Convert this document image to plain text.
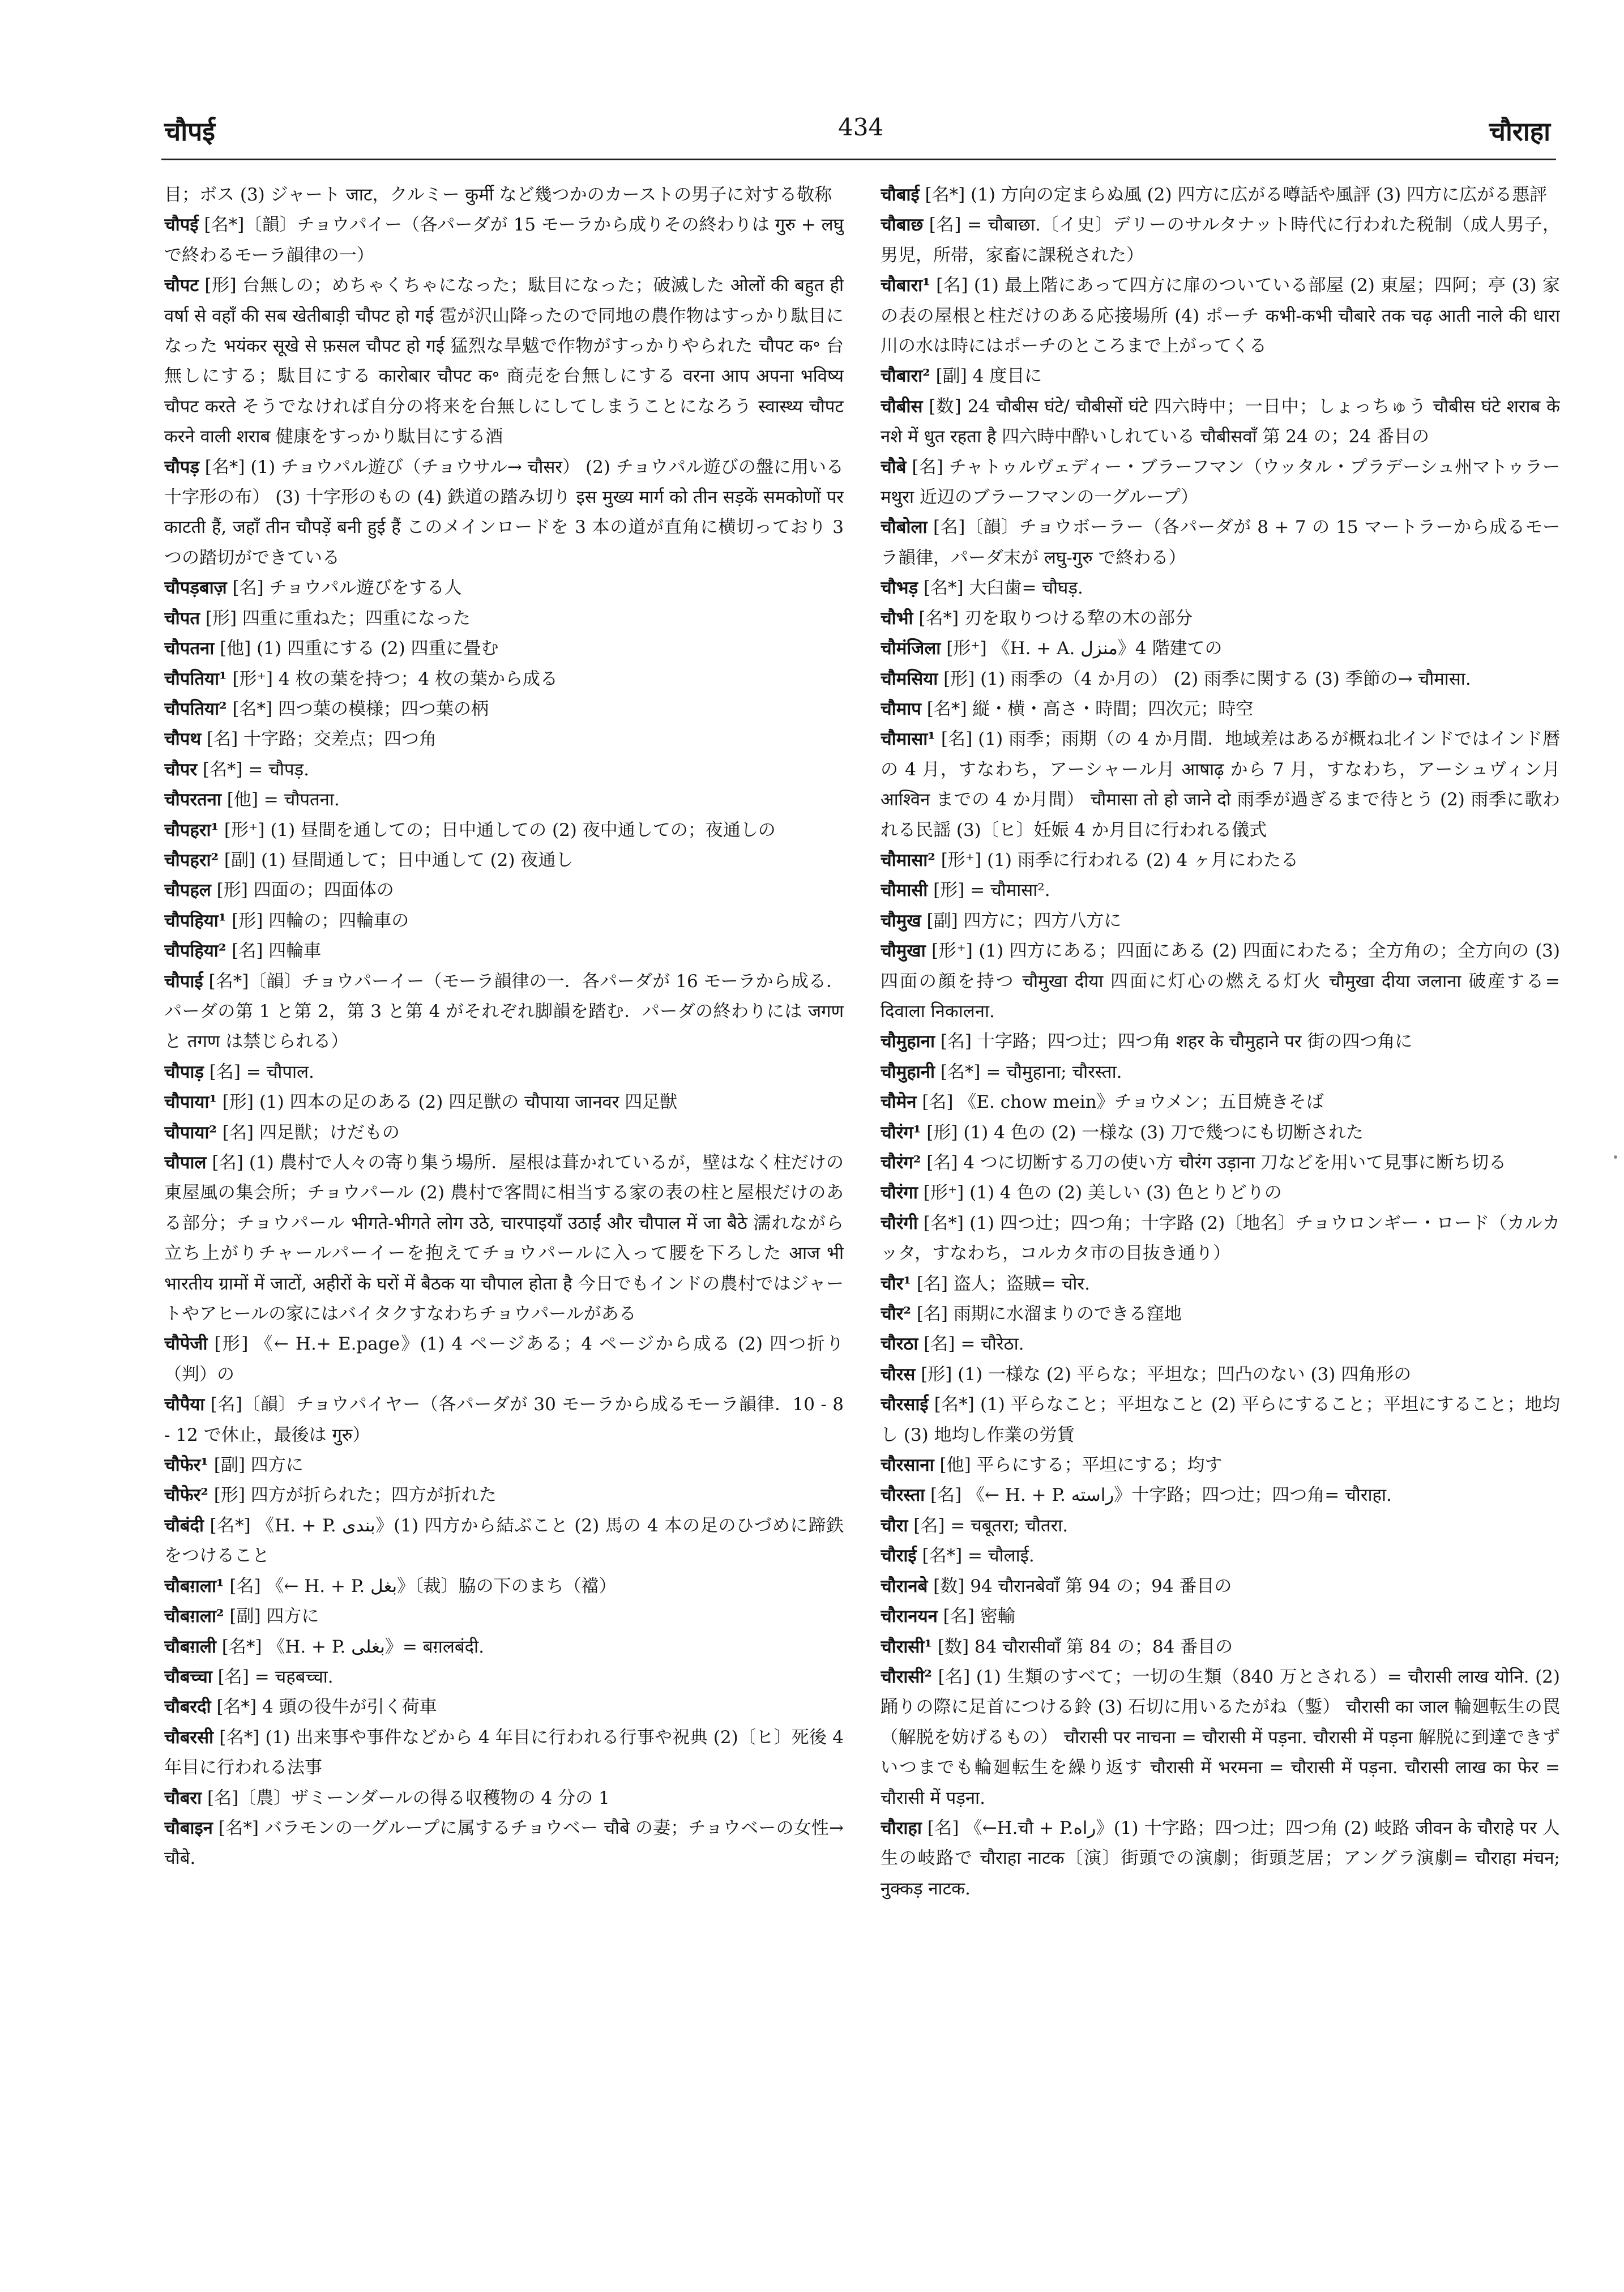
चौपई	434	चौराहा

目；ボス (3) ジャート जाट，クルミー कुर्मी など幾つかのカーストの男子に対する敬称

चौपई [名*]〔韻〕チョウパイー（各パーダが 15 モーラから成りその終わりは गुरु + लघु で終わるモーラ韻律の一）

चौपट [形] 台無しの；めちゃくちゃになった；駄目になった；破滅した ओलों की बहुत ही वर्षा से वहाँ की सब खेतीबाड़ी चौपट हो गई 雹が沢山降ったので同地の農作物はすっかり駄目になった भयंकर सूखे से फ़सल चौपट हो गई 猛烈な旱魃で作物がすっかりやられた चौपट क॰ 台無しにする；駄目にする कारोबार चौपट क॰ 商売を台無しにする वरना आप अपना भविष्य चौपट करते そうでなければ自分の将来を台無しにしてしまうことになろう स्वास्थ्य चौपट करने वाली शराब 健康をすっかり駄目にする酒

चौपड़ [名*] (1) チョウパル遊び（チョウサル→ चौसर） (2) チョウパル遊びの盤に用いる十字形の布） (3) 十字形のもの (4) 鉄道の踏み切り इस मुख्य मार्ग को तीन सड़कें समकोणों पर काटती हैं, जहाँ तीन चौपड़ें बनी हुई हैं このメインロードを 3 本の道が直角に横切っており 3 つの踏切ができている

चौपड़बाज़ [名] チョウパル遊びをする人

चौपत [形] 四重に重ねた；四重になった

चौपतना [他] (1) 四重にする (2) 四重に畳む

चौपतिया¹ [形⁺] 4 枚の葉を持つ；4 枚の葉から成る

चौपतिया² [名*] 四つ葉の模様；四つ葉の柄

चौपथ [名] 十字路；交差点；四つ角

चौपर [名*] = चौपड़.

चौपरतना [他] = चौपतना.

चौपहरा¹ [形⁺] (1) 昼間を通しての；日中通しての (2) 夜中通しての；夜通しの

चौपहरा² [副] (1) 昼間通して；日中通して (2) 夜通し

चौपहल [形] 四面の；四面体の

चौपहिया¹ [形] 四輪の；四輪車の

चौपहिया² [名] 四輪車

चौपाई [名*]〔韻〕チョウパーイー（モーラ韻律の一．各パーダが 16 モーラから成る．パーダの第 1 と第 2，第 3 と第 4 がそれぞれ脚韻を踏む．パーダの終わりには जगण と तगण は禁じられる）

चौपाड़ [名] = चौपाल.

चौपाया¹ [形] (1) 四本の足のある (2) 四足獣の चौपाया जानवर 四足獣

चौपाया² [名] 四足獣；けだもの

चौपाल [名] (1) 農村で人々の寄り集う場所．屋根は葺かれているが，壁はなく柱だけの東屋風の集会所；チョウパール (2) 農村で客間に相当する家の表の柱と屋根だけのある部分；チョウパール भीगते-भीगते लोग उठे, चारपाइयाँ उठाईं और चौपाल में जा बैठे 濡れながら立ち上がりチャールパーイーを抱えてチョウパールに入って腰を下ろした आज भी भारतीय ग्रामों में जाटों, अहीरों के घरों में बैठक या चौपाल होता है 今日でもインドの農村ではジャートやアヒールの家にはバイタクすなわちチョウパールがある

चौपेजी [形] 《← H.+ E.page》(1) 4 ページある；4 ページから成る (2) 四つ折り（判）の

चौपैया [名]〔韻〕チョウパイヤー（各パーダが 30 モーラから成るモーラ韻律．10 - 8 - 12 で休止，最後は गुरु）

चौफेर¹ [副] 四方に

चौफेर² [形] 四方が折られた；四方が折れた

चौबंदी [名*] 《H. + P. بندی》(1) 四方から結ぶこと (2) 馬の 4 本の足のひづめに蹄鉄をつけること

चौबग़ला¹ [名] 《← H. + P. بغل》〔裁〕脇の下のまち（襠）

चौबग़ला² [副] 四方に

चौबग़ली [名*] 《H. + P. بغلی》= बग़लबंदी.

चौबच्चा [名] = चहबच्चा.

चौबरदी [名*] 4 頭の役牛が引く荷車

चौबरसी [名*] (1) 出来事や事件などから 4 年目に行われる行事や祝典 (2)〔ヒ〕死後 4 年目に行われる法事

चौबरा [名]〔農〕ザミーンダールの得る収穫物の 4 分の 1

चौबाइन [名*] バラモンの一グループに属するチョウベー चौबे の妻；チョウベーの女性→ चौबे.

चौबाई [名*] (1) 方向の定まらぬ風 (2) 四方に広がる噂話や風評 (3) 四方に広がる悪評

चौबाछ [名] = चौबाछा.〔イ史〕デリーのサルタナット時代に行われた税制（成人男子，男児，所帯，家畜に課税された）

चौबारा¹ [名] (1) 最上階にあって四方に扉のついている部屋 (2) 東屋；四阿；亭 (3) 家の表の屋根と柱だけのある応接場所 (4) ポーチ कभी-कभी चौबारे तक चढ़ आती नाले की धारा 川の水は時にはポーチのところまで上がってくる

चौबारा² [副] 4 度目に

चौबीस [数] 24 चौबीस घंटे/ चौबीसों घंटे 四六時中；一日中；しょっちゅう चौबीस घंटे शराब के नशे में धुत रहता है 四六時中酔いしれている चौबीसवाँ 第 24 の；24 番目の

चौबे [名] チャトゥルヴェディー・ブラーフマン（ウッタル・プラデーシュ州マトゥラー मथुरा 近辺のブラーフマンの一グループ）

चौबोला [名]〔韻〕チョウボーラー（各パーダが 8 + 7 の 15 マートラーから成るモーラ韻律，パーダ末が लघु-गुरु で終わる）

चौभड़ [名*] 大臼歯= चौघड़.

चौभी [名*] 刃を取りつける犂の木の部分

चौमंजिला [形⁺] 《H. + A. منزل》4 階建ての

चौमसिया [形] (1) 雨季の（4 か月の） (2) 雨季に関する (3) 季節の→ चौमासा.

चौमाप [名*] 縦・横・高さ・時間；四次元；時空

चौमासा¹ [名] (1) 雨季；雨期（の 4 か月間．地域差はあるが概ね北インドではインド暦の 4 月，すなわち，アーシャール月 आषाढ़ から 7 月，すなわち，アーシュヴィン月 आश्विन までの 4 か月間） चौमासा तो हो जाने दो 雨季が過ぎるまで待とう (2) 雨季に歌われる民謡 (3)〔ヒ〕妊娠 4 か月目に行われる儀式

चौमासा² [形⁺] (1) 雨季に行われる (2) 4 ヶ月にわたる

चौमासी [形] = चौमासा².

चौमुख [副] 四方に；四方八方に

चौमुखा [形⁺] (1) 四方にある；四面にある (2) 四面にわたる；全方角の；全方向の (3) 四面の顔を持つ चौमुखा दीया 四面に灯心の燃える灯火 चौमुखा दीया जलाना 破産する= दिवाला निकालना.

चौमुहाना [名] 十字路；四つ辻；四つ角 शहर के चौमुहाने पर 街の四つ角に

चौमुहानी [名*] = चौमुहाना; चौरस्ता.

चौमेन [名] 《E. chow mein》チョウメン；五目焼きそば

चौरंग¹ [形] (1) 4 色の (2) 一様な (3) 刀で幾つにも切断された

चौरंग² [名] 4 つに切断する刀の使い方 चौरंग उड़ाना 刀などを用いて見事に断ち切る

चौरंगा [形⁺] (1) 4 色の (2) 美しい (3) 色とりどりの

चौरंगी [名*] (1) 四つ辻；四つ角；十字路 (2)〔地名〕チョウロンギー・ロード（カルカッタ，すなわち，コルカタ市の目抜き通り）

चौर¹ [名] 盗人；盗賊= चोर.

चौर² [名] 雨期に水溜まりのできる窪地

चौरठा [名] = चौरेठा.

चौरस [形] (1) 一様な (2) 平らな；平坦な；凹凸のない (3) 四角形の

चौरसाई [名*] (1) 平らなこと；平坦なこと (2) 平らにすること；平坦にすること；地均し (3) 地均し作業の労賃

चौरसाना [他] 平らにする；平坦にする；均す

चौरस्ता [名] 《← H. + P. راسته》十字路；四つ辻；四つ角= चौराहा.

चौरा [名] = चबूतरा; चौतरा.

चौराई [名*] = चौलाई.

चौरानबे [数] 94 चौरानबेवाँ 第 94 の；94 番目の

चौरानयन [名] 密輸

चौरासी¹ [数] 84 चौरासीवाँ 第 84 の；84 番目の

चौरासी² [名] (1) 生類のすべて；一切の生類（840 万とされる）= चौरासी लाख योनि. (2) 踊りの際に足首につける鈴 (3) 石切に用いるたがね（鏨） चौरासी का जाल 輪廻転生の罠（解脱を妨げるもの） चौरासी पर नाचना = चौरासी में पड़ना. चौरासी में पड़ना 解脱に到達できずいつまでも輪廻転生を繰り返す चौरासी में भरमना = चौरासी में पड़ना. चौरासी लाख का फेर = चौरासी में पड़ना.

चौराहा [名] 《←H.चौ + P.راه》(1) 十字路；四つ辻；四つ角 (2) 岐路 जीवन के चौराहे पर 人生の岐路で चौराहा नाटक〔演〕街頭での演劇；街頭芝居；アングラ演劇= चौराहा मंचन; नुक्कड़ नाटक.
